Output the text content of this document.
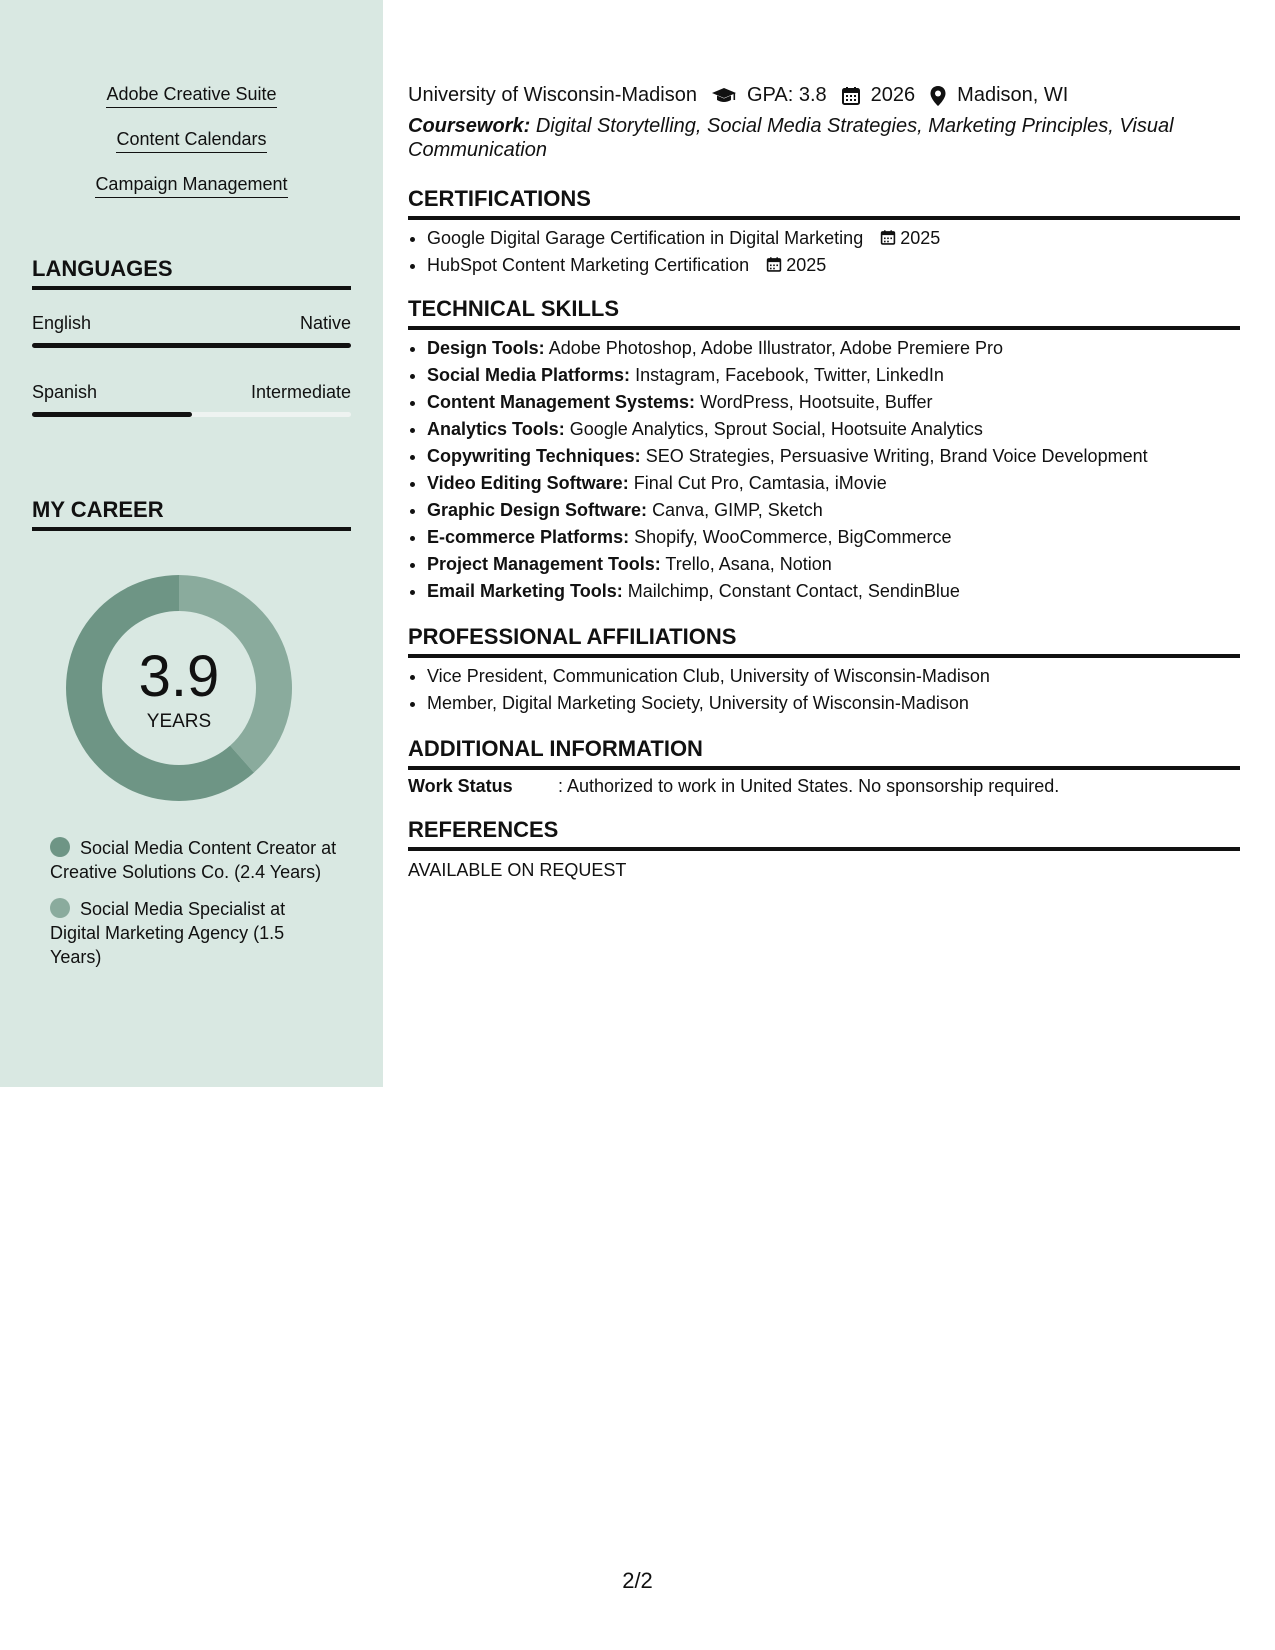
Adobe Creative Suite
Content Calendars
Campaign Management
LANGUAGES
English	Native
Spanish	Intermediate
MY CAREER
3.9
YEARS
Social Media Content Creator at Creative Solutions Co. (2.4 Years)
Social Media Specialist at Digital Marketing Agency (1.5 Years)
University of Wisconsin-Madison	GPA: 3.8 2026 Madison, WI
Coursework: Digital Storytelling, Social Media Strategies, Marketing Principles, Visual Communication
CERTIFICATIONS
• Google Digital Garage Certification in Digital Marketing 2025
• HubSpot Content Marketing Certification 2025
TECHNICAL SKILLS
• Design Tools: Adobe Photoshop, Adobe Illustrator, Adobe Premiere Pro
• Social Media Platforms: Instagram, Facebook, Twitter, LinkedIn
• Content Management Systems: WordPress, Hootsuite, Buffer
• Analytics Tools: Google Analytics, Sprout Social, Hootsuite Analytics
• Copywriting Techniques: SEO Strategies, Persuasive Writing, Brand Voice Development
• Video Editing Software: Final Cut Pro, Camtasia, iMovie
• Graphic Design Software: Canva, GIMP, Sketch
• E-commerce Platforms: Shopify, WooCommerce, BigCommerce
• Project Management Tools: Trello, Asana, Notion
• Email Marketing Tools: Mailchimp, Constant Contact, SendinBlue
PROFESSIONAL AFFILIATIONS
• Vice President, Communication Club, University of Wisconsin-Madison
• Member, Digital Marketing Society, University of Wisconsin-Madison
ADDITIONAL INFORMATION
Work Status	: Authorized to work in United States. No sponsorship required.
REFERENCES
AVAILABLE ON REQUEST
2/2
